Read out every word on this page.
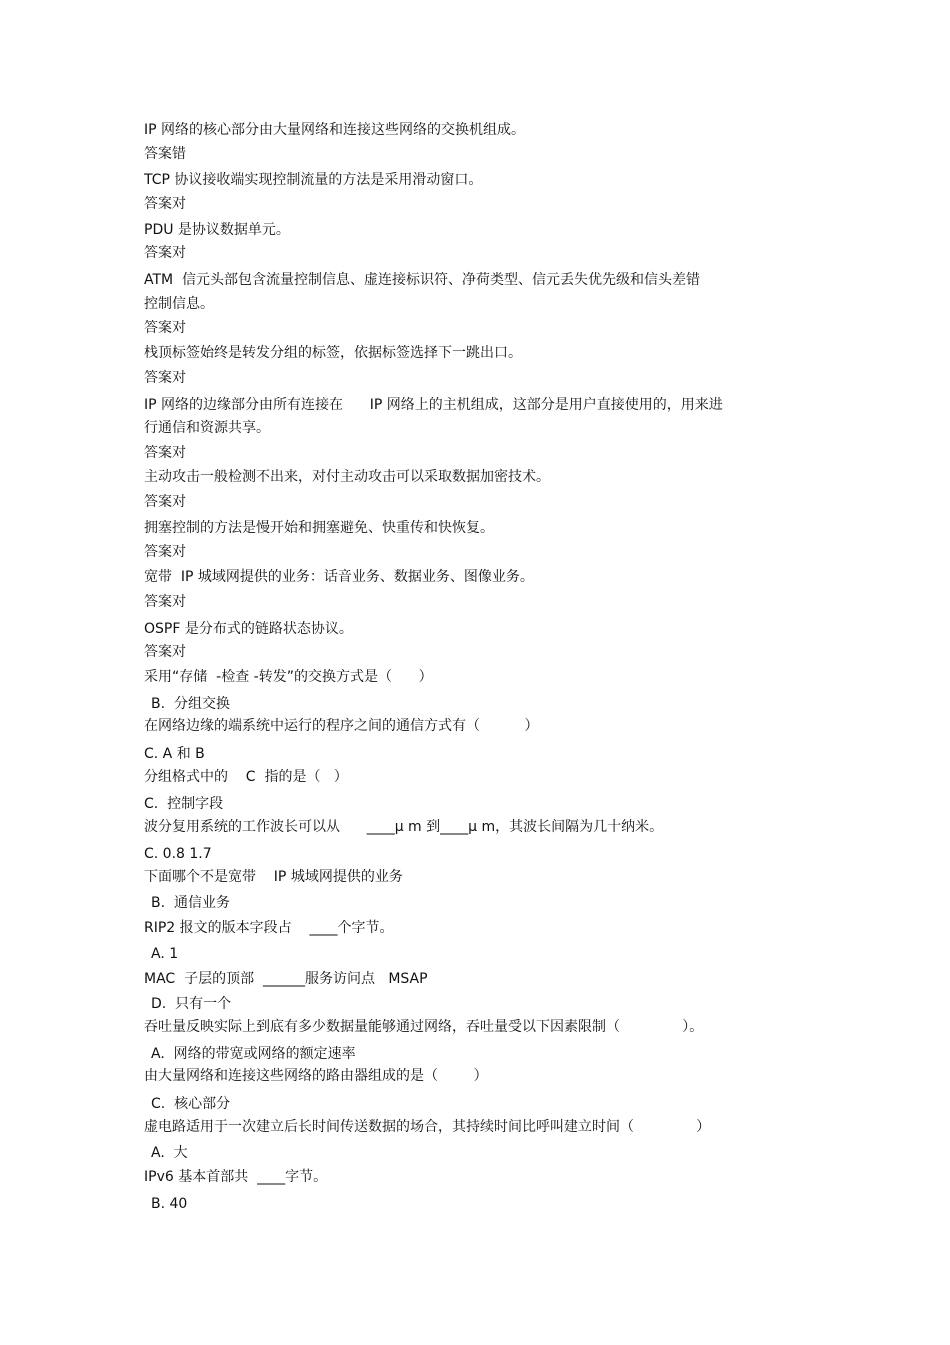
IP 网络的核心部分由大量网络和连接这些网络的交换机组成。
答案错
TCP 协议接收端实现控制流量的方法是采用滑动窗口。
答案对
PDU 是协议数据单元。
答案对
ATM  信元头部包含流量控制信息、虚连接标识符、净荷类型、信元丢失优先级和信头差错
控制信息。
答案对
栈顶标签始终是转发分组的标签，依据标签选择下一跳出口。
答案对
IP 网络的边缘部分由所有连接在      IP 网络上的主机组成，这部分是用户直接使用的，用来进
行通信和资源共享。
答案对
主动攻击一般检测不出来，对付主动攻击可以采取数据加密技术。
答案对
拥塞控制的方法是慢开始和拥塞避免、快重传和快恢复。
答案对
宽带  IP 城域网提供的业务：话音业务、数据业务、图像业务。
答案对
OSPF 是分布式的链路状态协议。
答案对
采用“存储  -检查 -转发”的交换方式是（      ）
B.  分组交换
在网络边缘的端系统中运行的程序之间的通信方式有（          ）
C. A 和 B
分组格式中的    C  指的是（   ）
C.  控制字段
波分复用系统的工作波长可以从      ____μ m 到____μ m，其波长间隔为几十纳米。
C. 0.8 1.7
下面哪个不是宽带    IP 城域网提供的业务
B.  通信业务
RIP2 报文的版本字段占    ____个字节。
A. 1
MAC  子层的顶部  ______服务访问点   MSAP
D.  只有一个
吞吐量反映实际上到底有多少数据量能够通过网络，吞吐量受以下因素限制（              ）。
A.  网络的带宽或网络的额定速率
由大量网络和连接这些网络的路由器组成的是（        ）
C.  核心部分
虚电路适用于一次建立后长时间传送数据的场合，其持续时间比呼叫建立时间（              ）
A.  大
IPv6 基本首部共  ____字节。
B. 40
